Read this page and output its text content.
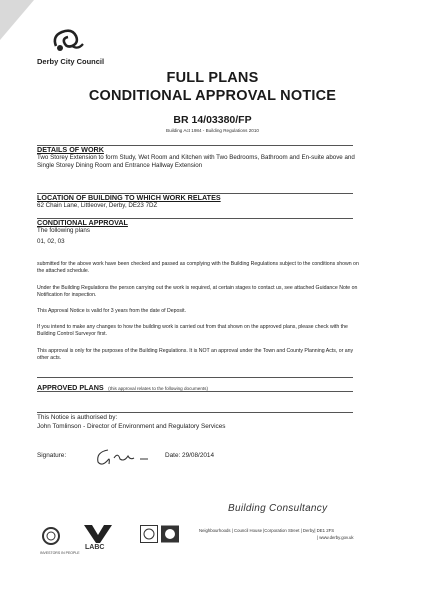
Derby City Council
FULL PLANS
CONDITIONAL APPROVAL NOTICE
BR 14/03380/FP
Building Act 1984 - Building Regulations 2010
DETAILS OF WORK
Two Storey Extension to form Study, Wet Room and Kitchen with Two Bedrooms, Bathroom and En-suite above and Single Storey Dining Room and Entrance Hallway Extension
LOCATION OF BUILDING TO WHICH WORK RELATES
62 Chain Lane, Littleover, Derby, DE23 7DZ
CONDITIONAL APPROVAL
The following plans
01, 02, 03
submitted for the above work have been checked and passed as complying with the Building Regulations subject to the conditions shown on the attached schedule.
Under the Building Regulations the person carrying out the work is required, at certain stages to contact us, see attached Guidance Note on Notification for inspection.
This Approval Notice is valid for 3 years from the date of Deposit.
If you intend to make any changes to how the building work is carried out from that shown on the approved plans, please check with the Building Control Surveyor first.
This approval is only for the purposes of the Building Regulations. It is NOT an approval under the Town and County Planning Acts, or any other acts.
APPROVED PLANS (this approval relates to the following documents)
This Notice is authorised by:
John Tomlinson - Director of Environment and Regulatory Services
Signature:	Date: 29/08/2014
Building Consultancy
INVESTORS IN PEOPLE
LABC
Neighbourhoods | Council House |Corporation Street | Derby| DE1 2FS
| www.derby.gov.uk
